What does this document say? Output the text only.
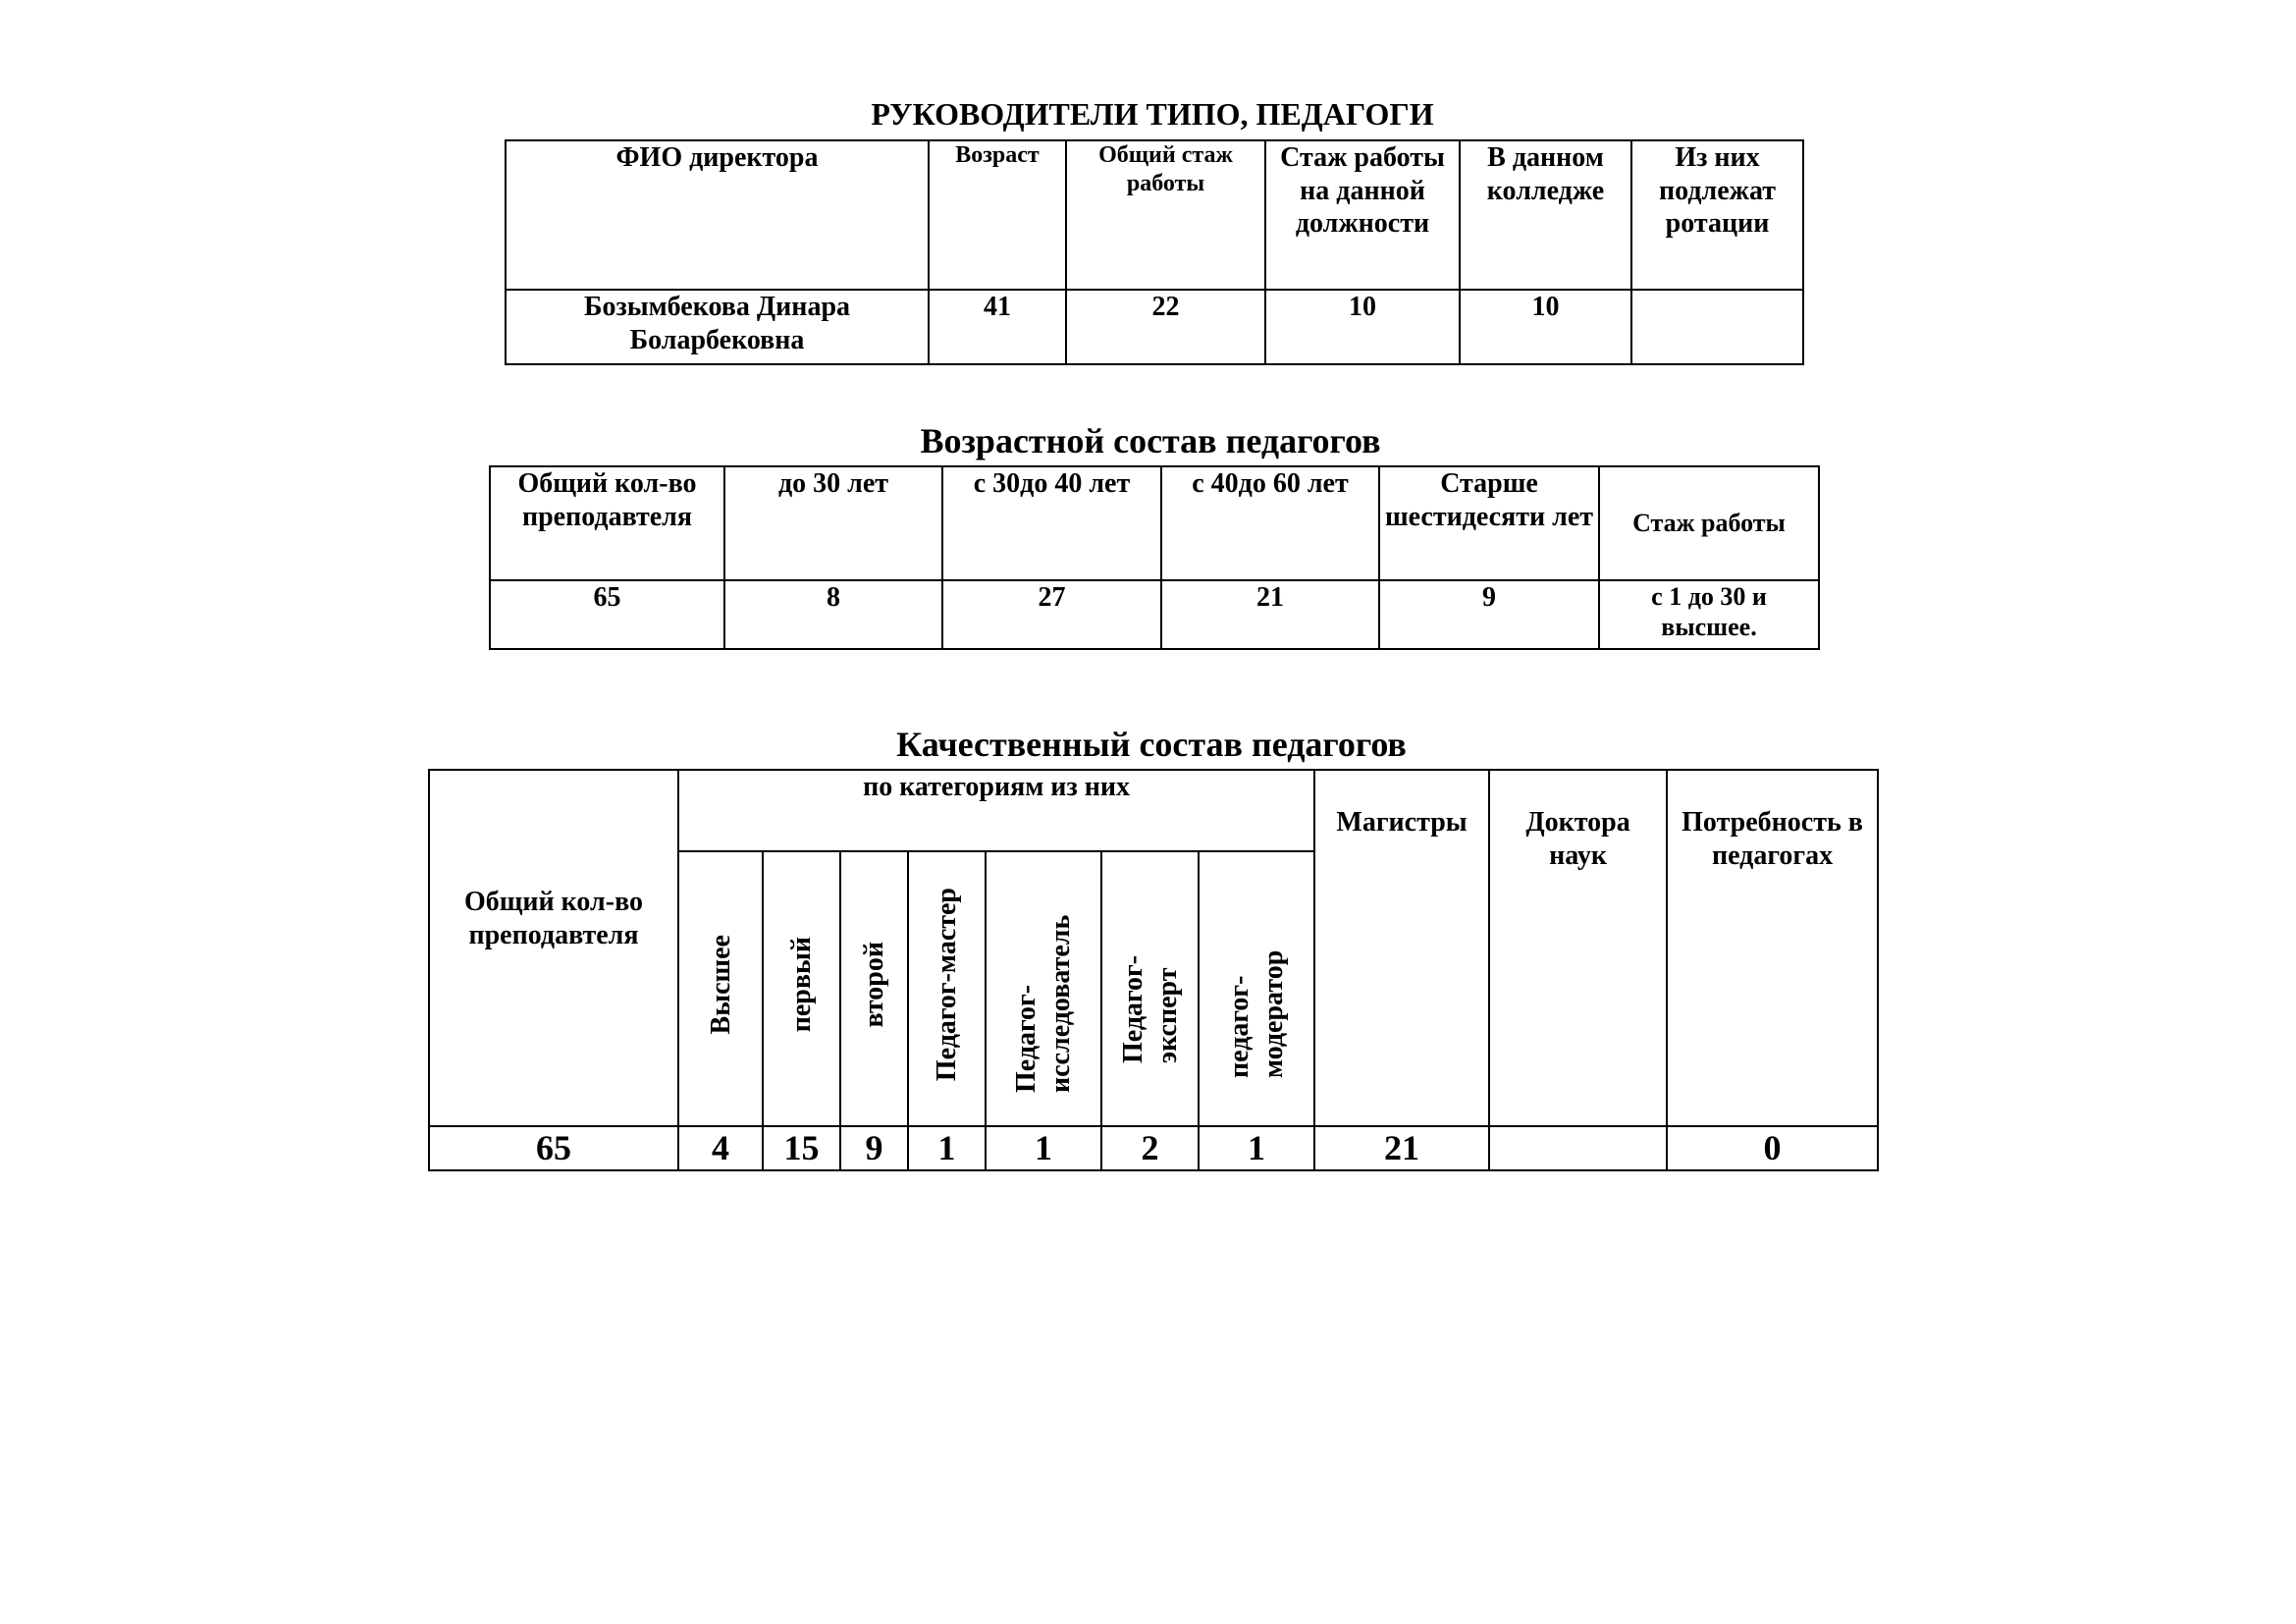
РУКОВОДИТЕЛИ ТИПО, ПЕДАГОГИ
ФИО директора	Возраст	Общий стаж работы	Стаж работы на данной должности	В данном колледже	Из них подлежат ротации
Бозымбекова Динара Боларбековна	41	22	10	10	
Возрастной состав педагогов
Общий кол-во преподавтеля	до 30 лет	с 30до 40 лет	с 40до 60 лет	Старше шестидесяти лет	Стаж работы
65	8	27	21	9	с 1 до 30 и высшее.
Качественный состав педагогов
Общий кол-во преподавтеля	по категориям из них							Магистры	Доктора наук	Потребность в педагогах
	Высшее	первый	второй	Педагог-мастер	Педагог-исследователь	Педагог-эксперт	педагог-модератор			
65	4	15	9	1	1	2	1	21		0
